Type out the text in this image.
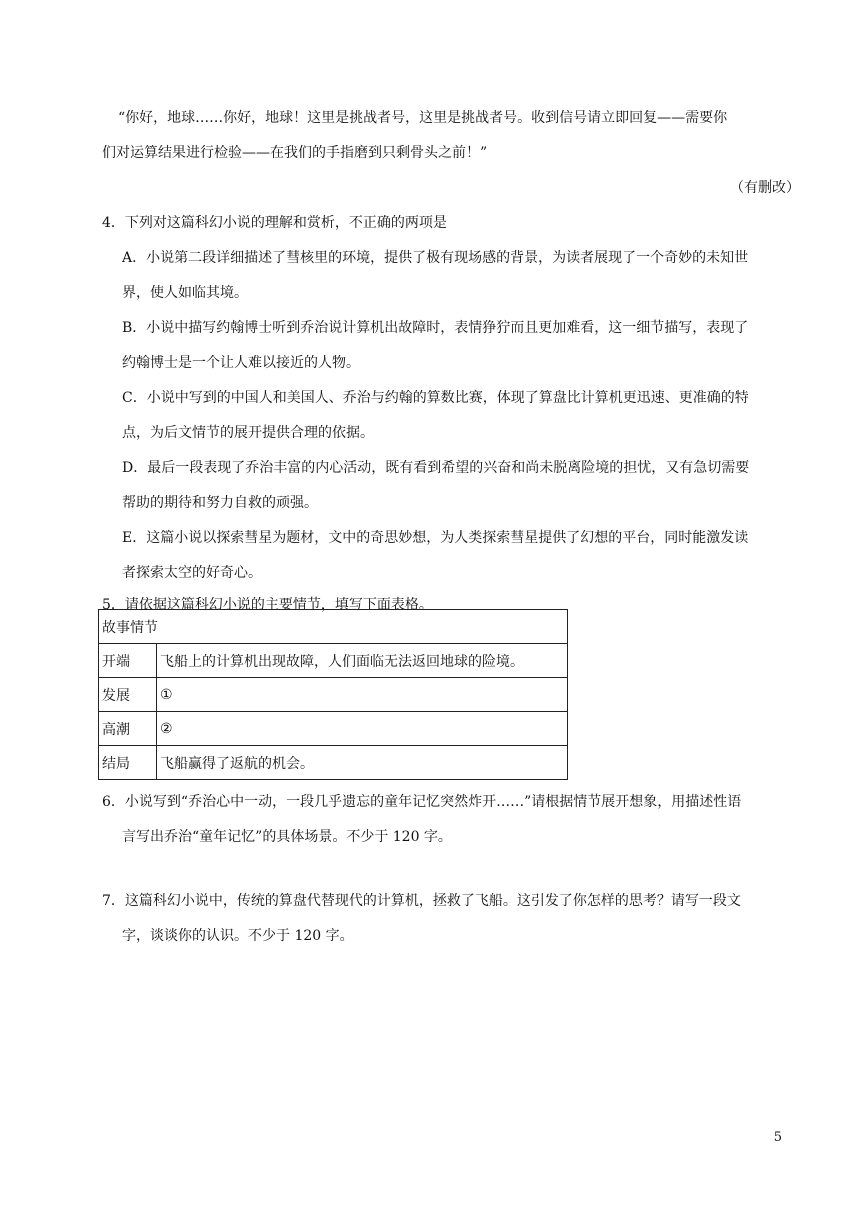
“你好，地球……你好，地球！这里是挑战者号，这里是挑战者号。收到信号请立即回复——需要你
们对运算结果进行检验——在我们的手指磨到只剩骨头之前！”
（有删改）
4．下列对这篇科幻小说的理解和赏析，不正确的两项是
A．小说第二段详细描述了彗核里的环境，提供了极有现场感的背景，为读者展现了一个奇妙的未知世
界，使人如临其境。
B．小说中描写约翰博士听到乔治说计算机出故障时，表情狰狞而且更加难看，这一细节描写，表现了
约翰博士是一个让人难以接近的人物。
C．小说中写到的中国人和美国人、乔治与约翰的算数比赛，体现了算盘比计算机更迅速、更准确的特
点，为后文情节的展开提供合理的依据。
D．最后一段表现了乔治丰富的内心活动，既有看到希望的兴奋和尚未脱离险境的担忧，又有急切需要
帮助的期待和努力自救的顽强。
E．这篇小说以探索彗星为题材，文中的奇思妙想，为人类探索彗星提供了幻想的平台，同时能激发读
者探索太空的好奇心。
5．请依据这篇科幻小说的主要情节，填写下面表格。
故事情节	
开端	飞船上的计算机出现故障，人们面临无法返回地球的险境。
发展	①
高潮	②
结局	飞船赢得了返航的机会。
6．小说写到“乔治心中一动，一段几乎遗忘的童年记忆突然炸开……”请根据情节展开想象，用描述性语
言写出乔治“童年记忆”的具体场景。不少于 120 字。
7．这篇科幻小说中，传统的算盘代替现代的计算机，拯救了飞船。这引发了你怎样的思考？请写一段文
字，谈谈你的认识。不少于 120 字。
5
